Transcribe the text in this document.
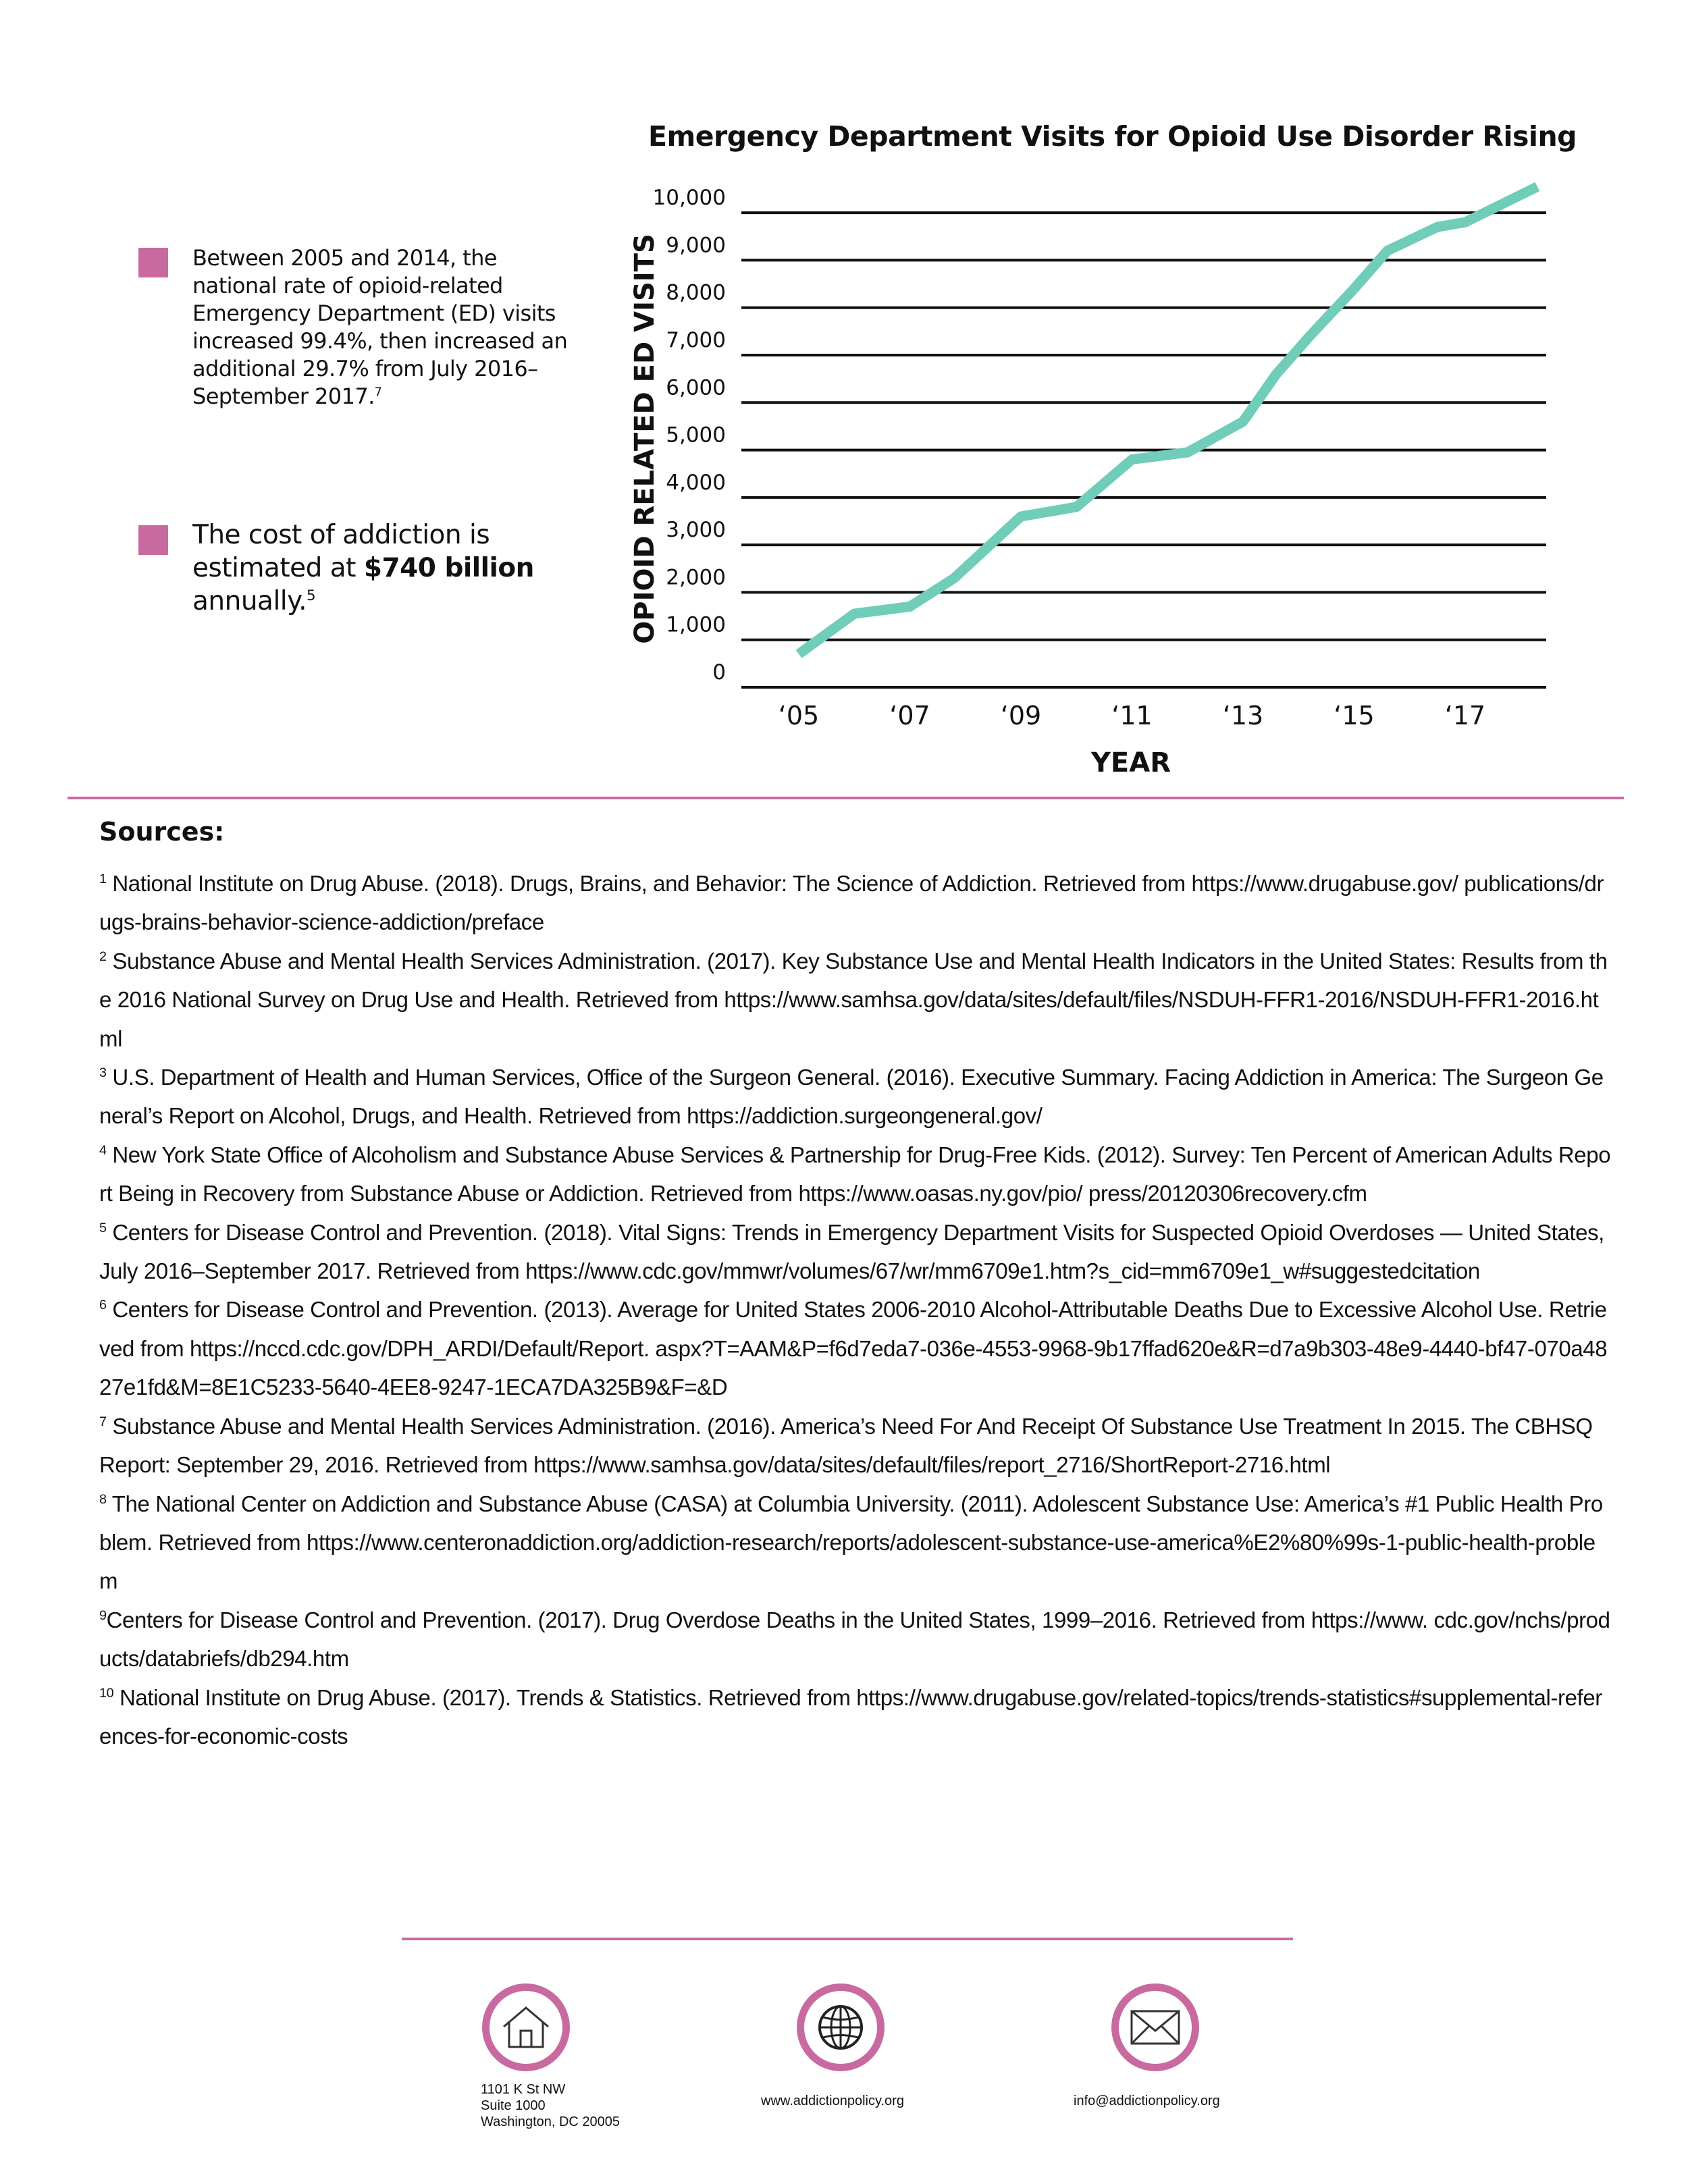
Emergency Department Visits for Opioid Use Disorder Rising
0
1,000
2,000
3,000
4,000
5,000
6,000
7,000
8,000
9,000
10,000
‘05	‘07	‘09	‘11	‘13	‘15	‘17
YEAR
OPIOID RELATED ED VISITS
Between 2005 and 2014, the national rate of opioid-related Emergency Department (ED) visits increased 99.4%, then increased an additional 29.7% from July 2016–September 2017.$^7$
The cost of addiction is estimated at $740 billion annually.$^5$
Sources:
$^1$ National Institute on Drug Abuse. (2018). Drugs, Brains, and Behavior: The Science of Addiction. Retrieved from https://www.drugabuse.gov/ publications/drugs-brains-behavior-science-addiction/preface
$^2$ Substance Abuse and Mental Health Services Administration. (2017). Key Substance Use and Mental Health Indicators in the United States: Results from the 2016 National Survey on Drug Use and Health. Retrieved from https://www.samhsa.gov/data/sites/default/files/NSDUH-FFR1-2016/NSDUH-FFR1-2016.html
$^3$ U.S. Department of Health and Human Services, Office of the Surgeon General. (2016). Executive Summary. Facing Addiction in America: The Surgeon General’s Report on Alcohol, Drugs, and Health. Retrieved from https://addiction.surgeongeneral.gov/
$^4$ New York State Office of Alcoholism and Substance Abuse Services & Partnership for Drug-Free Kids. (2012). Survey: Ten Percent of American Adults Report Being in Recovery from Substance Abuse or Addiction. Retrieved from https://www.oasas.ny.gov/pio/ press/20120306recovery.cfm
$^5$ Centers for Disease Control and Prevention. (2018). Vital Signs: Trends in Emergency Department Visits for Suspected Opioid Overdoses — United States, July 2016–September 2017. Retrieved from https://www.cdc.gov/mmwr/volumes/67/wr/mm6709e1.htm?s_cid=mm6709e1_w#suggestedcitation
$^6$ Centers for Disease Control and Prevention. (2013). Average for United States 2006-2010 Alcohol-Attributable Deaths Due to Excessive Alcohol Use. Retrieved from https://nccd.cdc.gov/DPH_ARDI/Default/Report. aspx?T=AAM&P=f6d7eda7-036e-4553-9968-9b17ffad620e&R=d7a9b303-48e9-4440-bf47-070a4827e1fd&M=8E1C5233-5640-4EE8-9247-1ECA7DA325B9&F=&D
$^7$ Substance Abuse and Mental Health Services Administration. (2016). America’s Need For And Receipt Of Substance Use Treatment In 2015. The CBHSQ Report: September 29, 2016. Retrieved from https://www.samhsa.gov/data/sites/default/files/report_2716/ShortReport-2716.html
$^8$ The National Center on Addiction and Substance Abuse (CASA) at Columbia University. (2011). Adolescent Substance Use: America’s #1 Public Health Problem. Retrieved from https://www.centeronaddiction.org/addiction-research/reports/adolescent-substance-use-america%E2%80%99s-1-public-health-problem
$^9$Centers for Disease Control and Prevention. (2017). Drug Overdose Deaths in the United States, 1999–2016. Retrieved from https://www. cdc.gov/nchs/products/databriefs/db294.htm
$^{10}$ National Institute on Drug Abuse. (2017). Trends & Statistics. Retrieved from https://www.drugabuse.gov/related-topics/trends-statistics#supplemental-references-for-economic-costs
1101 K St NW
Suite 1000
Washington, DC 20005
www.addictionpolicy.org	info@addictionpolicy.org
